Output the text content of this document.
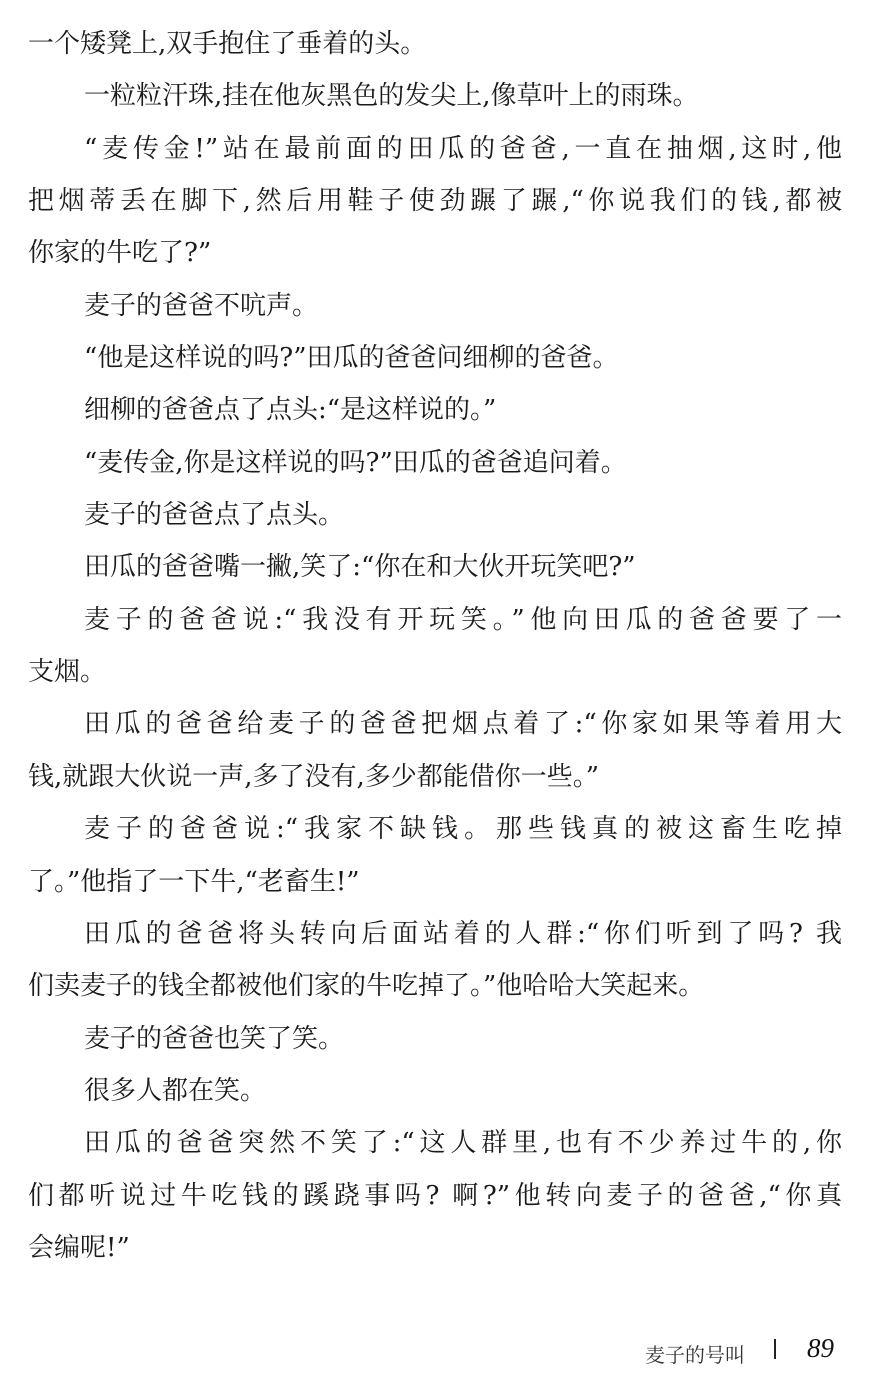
一个矮凳上,双手抱住了垂着的头。
一粒粒汗珠,挂在他灰黑色的发尖上,像草叶上的雨珠。
“麦传金!”站在最前面的田瓜的爸爸,一直在抽烟,这时,他
把烟蒂丢在脚下,然后用鞋子使劲蹍了蹍,“你说我们的钱,都被
你家的牛吃了?”
麦子的爸爸不吭声。
“他是这样说的吗?”田瓜的爸爸问细柳的爸爸。
细柳的爸爸点了点头:“是这样说的。”
“麦传金,你是这样说的吗?”田瓜的爸爸追问着。
麦子的爸爸点了点头。
田瓜的爸爸嘴一撇,笑了:“你在和大伙开玩笑吧?”
麦子的爸爸说:“我没有开玩笑。”他向田瓜的爸爸要了一
支烟。
田瓜的爸爸给麦子的爸爸把烟点着了:“你家如果等着用大
钱,就跟大伙说一声,多了没有,多少都能借你一些。”
麦子的爸爸说:“我家不缺钱。那些钱真的被这畜生吃掉
了。”他指了一下牛,“老畜生!”
田瓜的爸爸将头转向后面站着的人群:“你们听到了吗? 我
们卖麦子的钱全都被他们家的牛吃掉了。”他哈哈大笑起来。
麦子的爸爸也笑了笑。
很多人都在笑。
田瓜的爸爸突然不笑了:“这人群里,也有不少养过牛的,你
们都听说过牛吃钱的蹊跷事吗? 啊?”他转向麦子的爸爸,“你真
会编呢!”
麦子的号叫 89
